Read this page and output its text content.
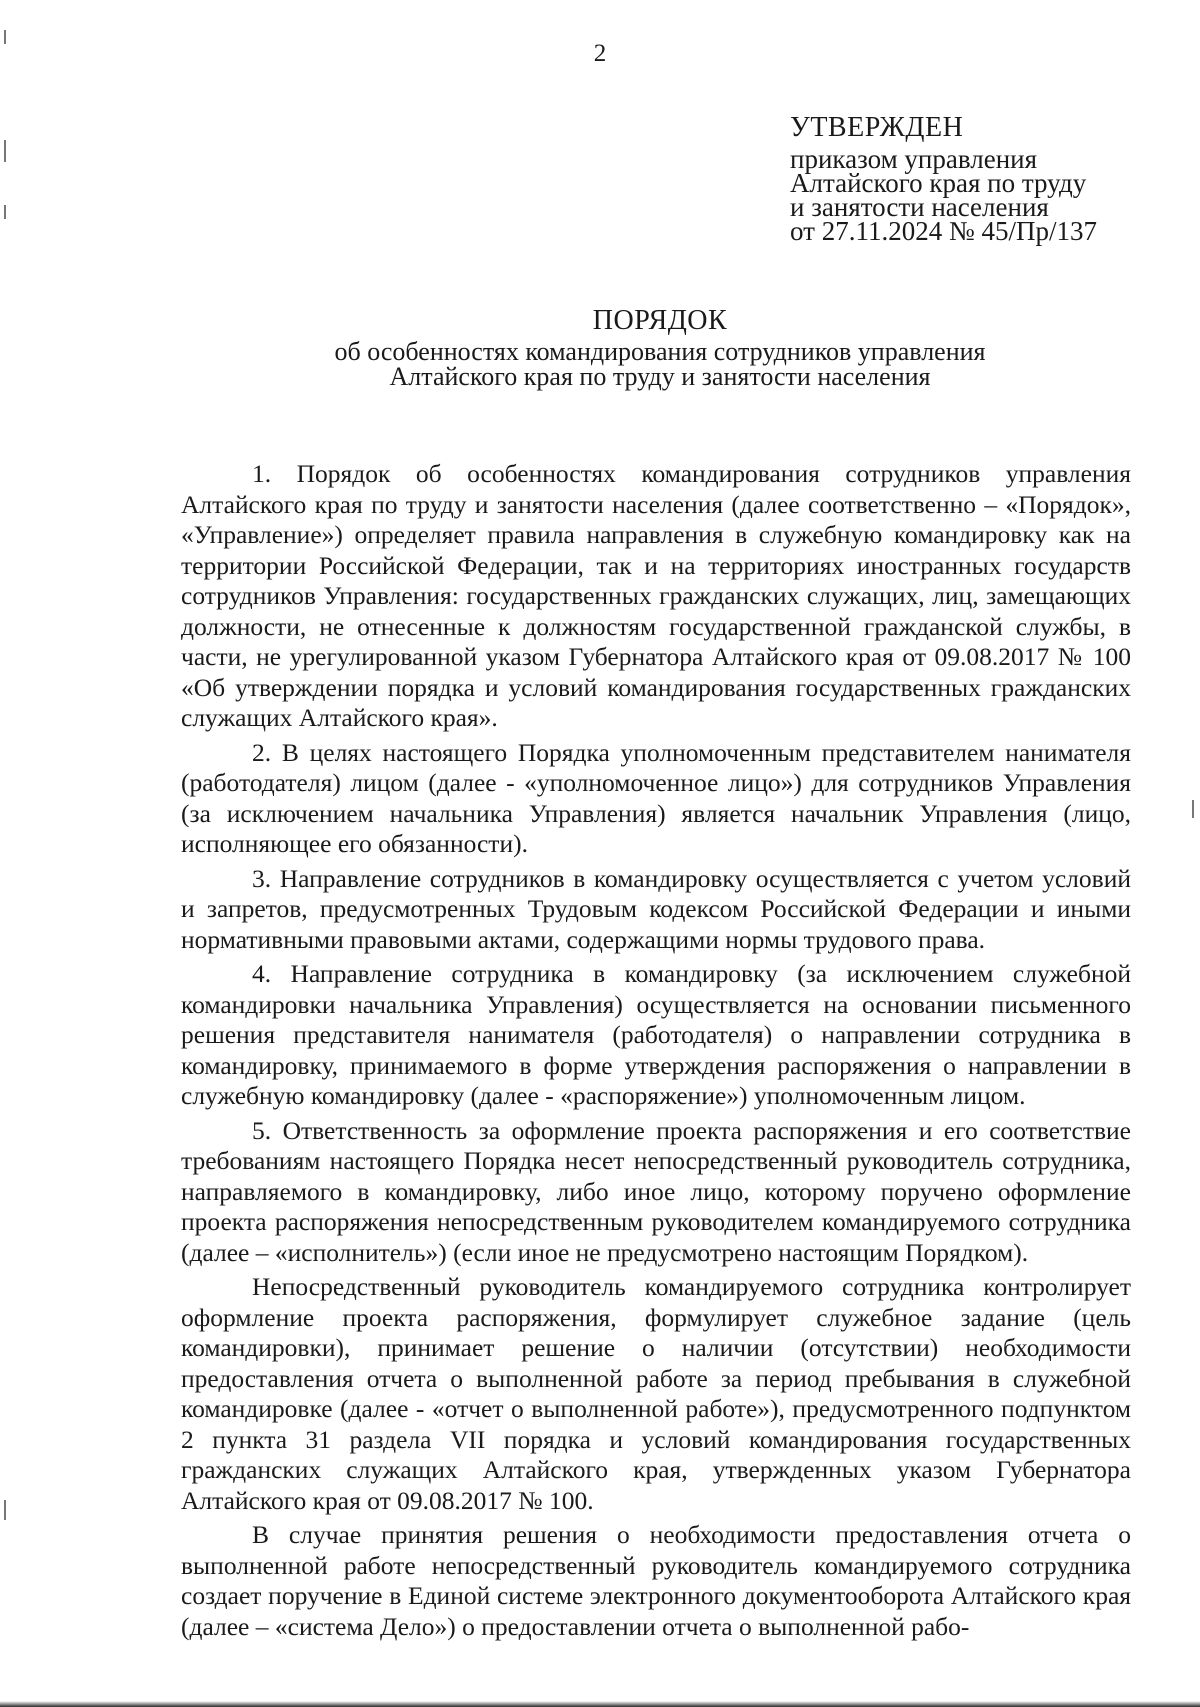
2
УТВЕРЖДЕН
приказом управления
Алтайского края по труду
и занятости населения
от 27.11.2024 № 45/Пр/137
ПОРЯДОК
об особенностях командирования сотрудников управления Алтайского края по труду и занятости населения

1. Порядок об особенностях командирования сотрудников управления Алтайского края по труду и занятости населения (далее соответственно – «Порядок», «Управление») определяет правила направления в служебную командировку как на территории Российской Федерации, так и на территориях иностранных государств сотрудников Управления: государственных гражданских служащих, лиц, замещающих должности, не отнесенные к должностям государственной гражданской службы, в части, не урегулированной указом Губернатора Алтайского края от 09.08.2017 № 100 «Об утверждении порядка и условий командирования государственных гражданских служащих Алтайского края».

2. В целях настоящего Порядка уполномоченным представителем нанимателя (работодателя) лицом (далее - «уполномоченное лицо») для сотрудников Управления (за исключением начальника Управления) является начальник Управления (лицо, исполняющее его обязанности).

3. Направление сотрудников в командировку осуществляется с учетом условий и запретов, предусмотренных Трудовым кодексом Российской Федерации и иными нормативными правовыми актами, содержащими нормы трудового права.

4. Направление сотрудника в командировку (за исключением служебной командировки начальника Управления) осуществляется на основании письменного решения представителя нанимателя (работодателя) о направлении сотрудника в командировку, принимаемого в форме утверждения распоряжения о направлении в служебную командировку (далее - «распоряжение») уполномоченным лицом.

5. Ответственность за оформление проекта распоряжения и его соответствие требованиям настоящего Порядка несет непосредственный руководитель сотрудника, направляемого в командировку, либо иное лицо, которому поручено оформление проекта распоряжения непосредственным руководителем командируемого сотрудника (далее – «исполнитель») (если иное не предусмотрено настоящим Порядком).

Непосредственный руководитель командируемого сотрудника контролирует оформление проекта распоряжения, формулирует служебное задание (цель командировки), принимает решение о наличии (отсутствии) необходимости предоставления отчета о выполненной работе за период пребывания в служебной командировке (далее - «отчет о выполненной работе»), предусмотренного подпунктом 2 пункта 31 раздела VII порядка и условий командирования государственных гражданских служащих Алтайского края, утвержденных указом Губернатора Алтайского края от 09.08.2017 № 100.

В случае принятия решения о необходимости предоставления отчета о выполненной работе непосредственный руководитель командируемого сотрудника создает поручение в Единой системе электронного документооборота Алтайского края (далее – «система Дело») о предоставлении отчета о выполненной рабо-
